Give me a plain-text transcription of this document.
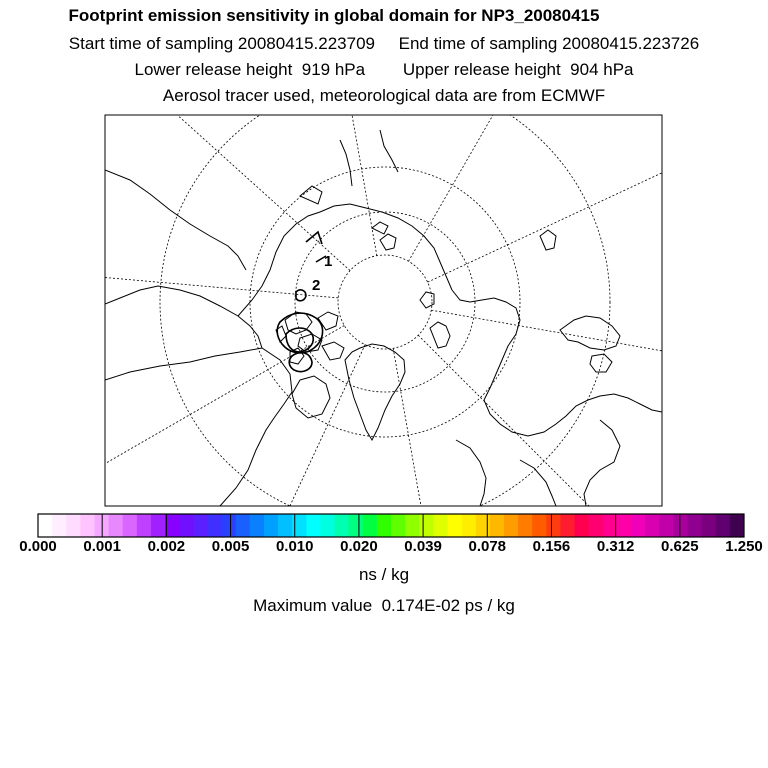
Footprint emission sensitivity in global domain for NP3_20080415
Start time of sampling 20080415.223709     End time of sampling 20080415.223726
Lower release height  919 hPa        Upper release height  904 hPa
Aerosol tracer used, meteorological data are from ECMWF
1
2
0.000 0.001 0.002 0.005 0.010 0.020 0.039 0.078 0.156 0.312 0.625 1.250
ns / kg
Maximum value  0.174E-02 ps / kg
